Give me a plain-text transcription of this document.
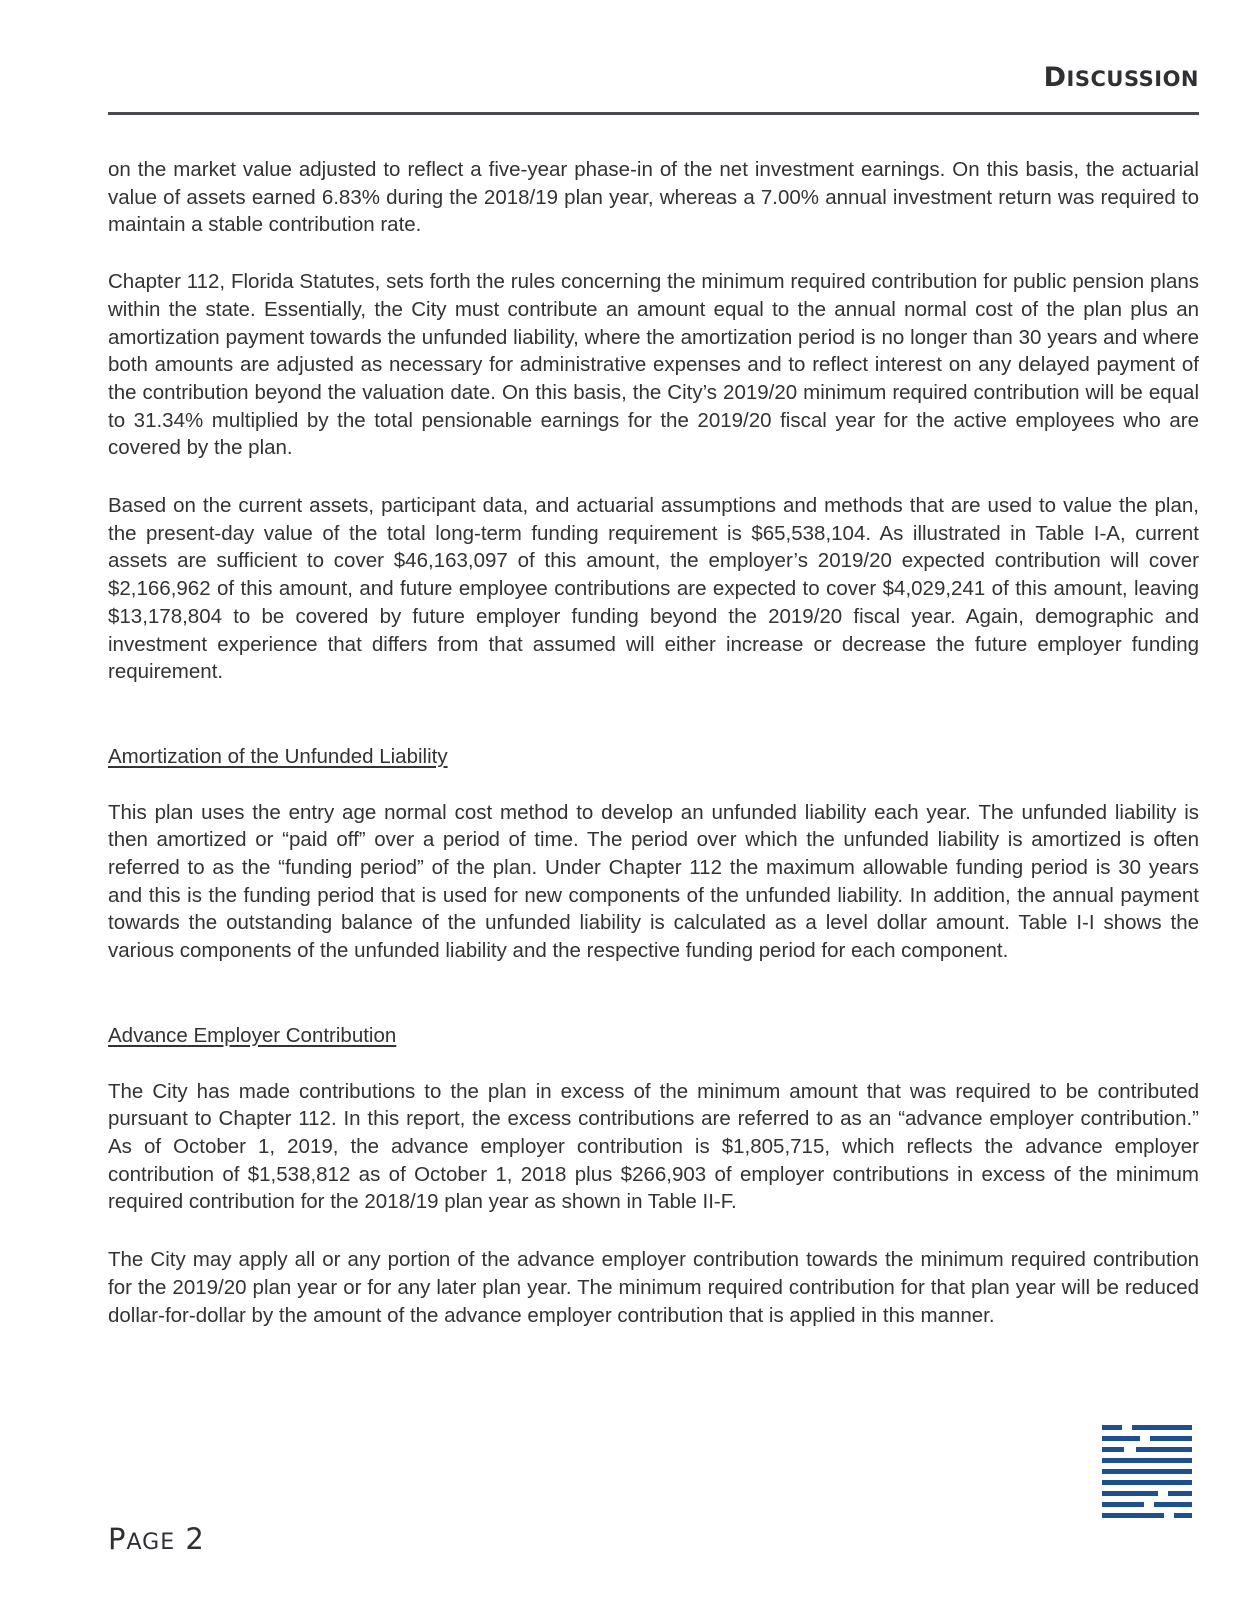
DISCUSSION

on the market value adjusted to reflect a five-year phase-in of the net investment earnings. On this basis, the actuarial value of assets earned 6.83% during the 2018/19 plan year, whereas a 7.00% annual investment return was required to maintain a stable contribution rate.

Chapter 112, Florida Statutes, sets forth the rules concerning the minimum required contribution for public pension plans within the state. Essentially, the City must contribute an amount equal to the annual normal cost of the plan plus an amortization payment towards the unfunded liability, where the amortization period is no longer than 30 years and where both amounts are adjusted as necessary for administrative expenses and to reflect interest on any delayed payment of the contribution beyond the valuation date. On this basis, the City’s 2019/20 minimum required contribution will be equal to 31.34% multiplied by the total pensionable earnings for the 2019/20 fiscal year for the active employees who are covered by the plan.

Based on the current assets, participant data, and actuarial assumptions and methods that are used to value the plan, the present-day value of the total long-term funding requirement is $65,538,104. As illustrated in Table I-A, current assets are sufficient to cover $46,163,097 of this amount, the employer’s 2019/20 expected contribution will cover $2,166,962 of this amount, and future employee contributions are expected to cover $4,029,241 of this amount, leaving $13,178,804 to be covered by future employer funding beyond the 2019/20 fiscal year. Again, demographic and investment experience that differs from that assumed will either increase or decrease the future employer funding requirement.

Amortization of the Unfunded Liability

This plan uses the entry age normal cost method to develop an unfunded liability each year. The unfunded liability is then amortized or “paid off” over a period of time. The period over which the unfunded liability is amortized is often referred to as the “funding period” of the plan. Under Chapter 112 the maximum allowable funding period is 30 years and this is the funding period that is used for new components of the unfunded liability. In addition, the annual payment towards the outstanding balance of the unfunded liability is calculated as a level dollar amount. Table I-I shows the various components of the unfunded liability and the respective funding period for each component.

Advance Employer Contribution

The City has made contributions to the plan in excess of the minimum amount that was required to be contributed pursuant to Chapter 112. In this report, the excess contributions are referred to as an “advance employer contribution.” As of October 1, 2019, the advance employer contribution is $1,805,715, which reflects the advance employer contribution of $1,538,812 as of October 1, 2018 plus $266,903 of employer contributions in excess of the minimum required contribution for the 2018/19 plan year as shown in Table II-F.

The City may apply all or any portion of the advance employer contribution towards the minimum required contribution for the 2019/20 plan year or for any later plan year. The minimum required contribution for that plan year will be reduced dollar-for-dollar by the amount of the advance employer contribution that is applied in this manner.

PAGE 2
